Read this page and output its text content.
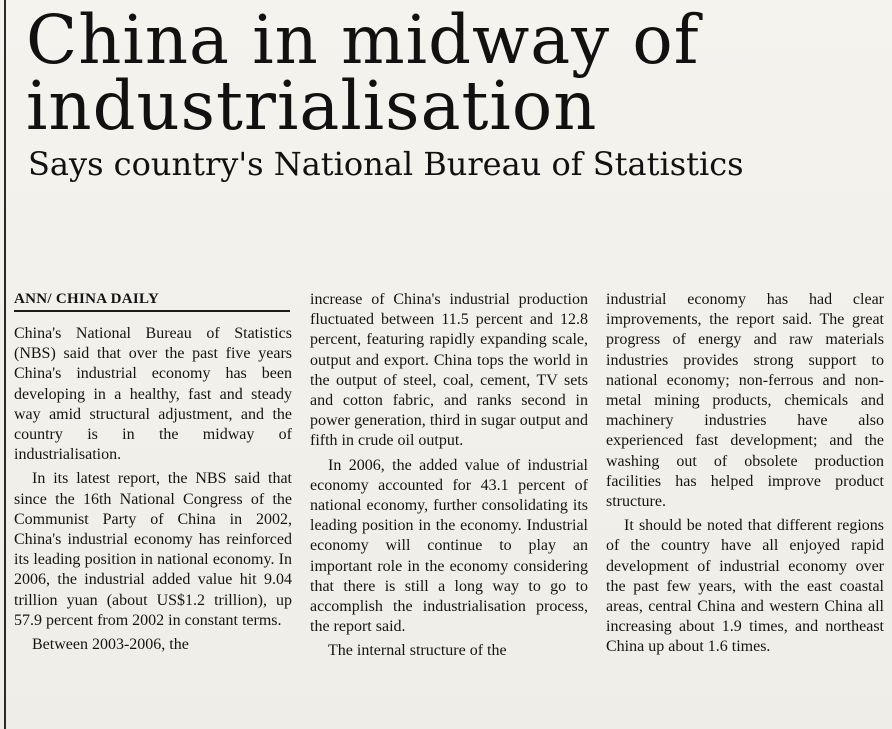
China in midway of
industrialisation
Says country's National Bureau of Statistics
ANN/ CHINA DAILY

China's National Bureau of Statistics (NBS) said that over the past five years China's industrial economy has been developing in a healthy, fast and steady way amid structural adjustment, and the country is in the midway of industrialisation.

In its latest report, the NBS said that since the 16th National Congress of the Communist Party of China in 2002, China's industrial economy has reinforced its leading position in national economy. In 2006, the industrial added value hit 9.04 trillion yuan (about US$1.2 trillion), up 57.9 percent from 2002 in constant terms.

Between 2003-2006, the

increase of China's industrial production fluctuated between 11.5 percent and 12.8 percent, featuring rapidly expanding scale, output and export. China tops the world in the output of steel, coal, cement, TV sets and cotton fabric, and ranks second in power generation, third in sugar output and fifth in crude oil output.

In 2006, the added value of industrial economy accounted for 43.1 percent of national economy, further consolidating its leading position in the economy. Industrial economy will continue to play an important role in the economy considering that there is still a long way to go to accomplish the industrialisation process, the report said.

The internal structure of the

industrial economy has had clear improvements, the report said. The great progress of energy and raw materials industries provides strong support to national economy; non-ferrous and non-metal mining products, chemicals and machinery industries have also experienced fast development; and the washing out of obsolete production facilities has helped improve product structure.

It should be noted that different regions of the country have all enjoyed rapid development of industrial economy over the past few years, with the east coastal areas, central China and western China all increasing about 1.9 times, and northeast China up about 1.6 times.
